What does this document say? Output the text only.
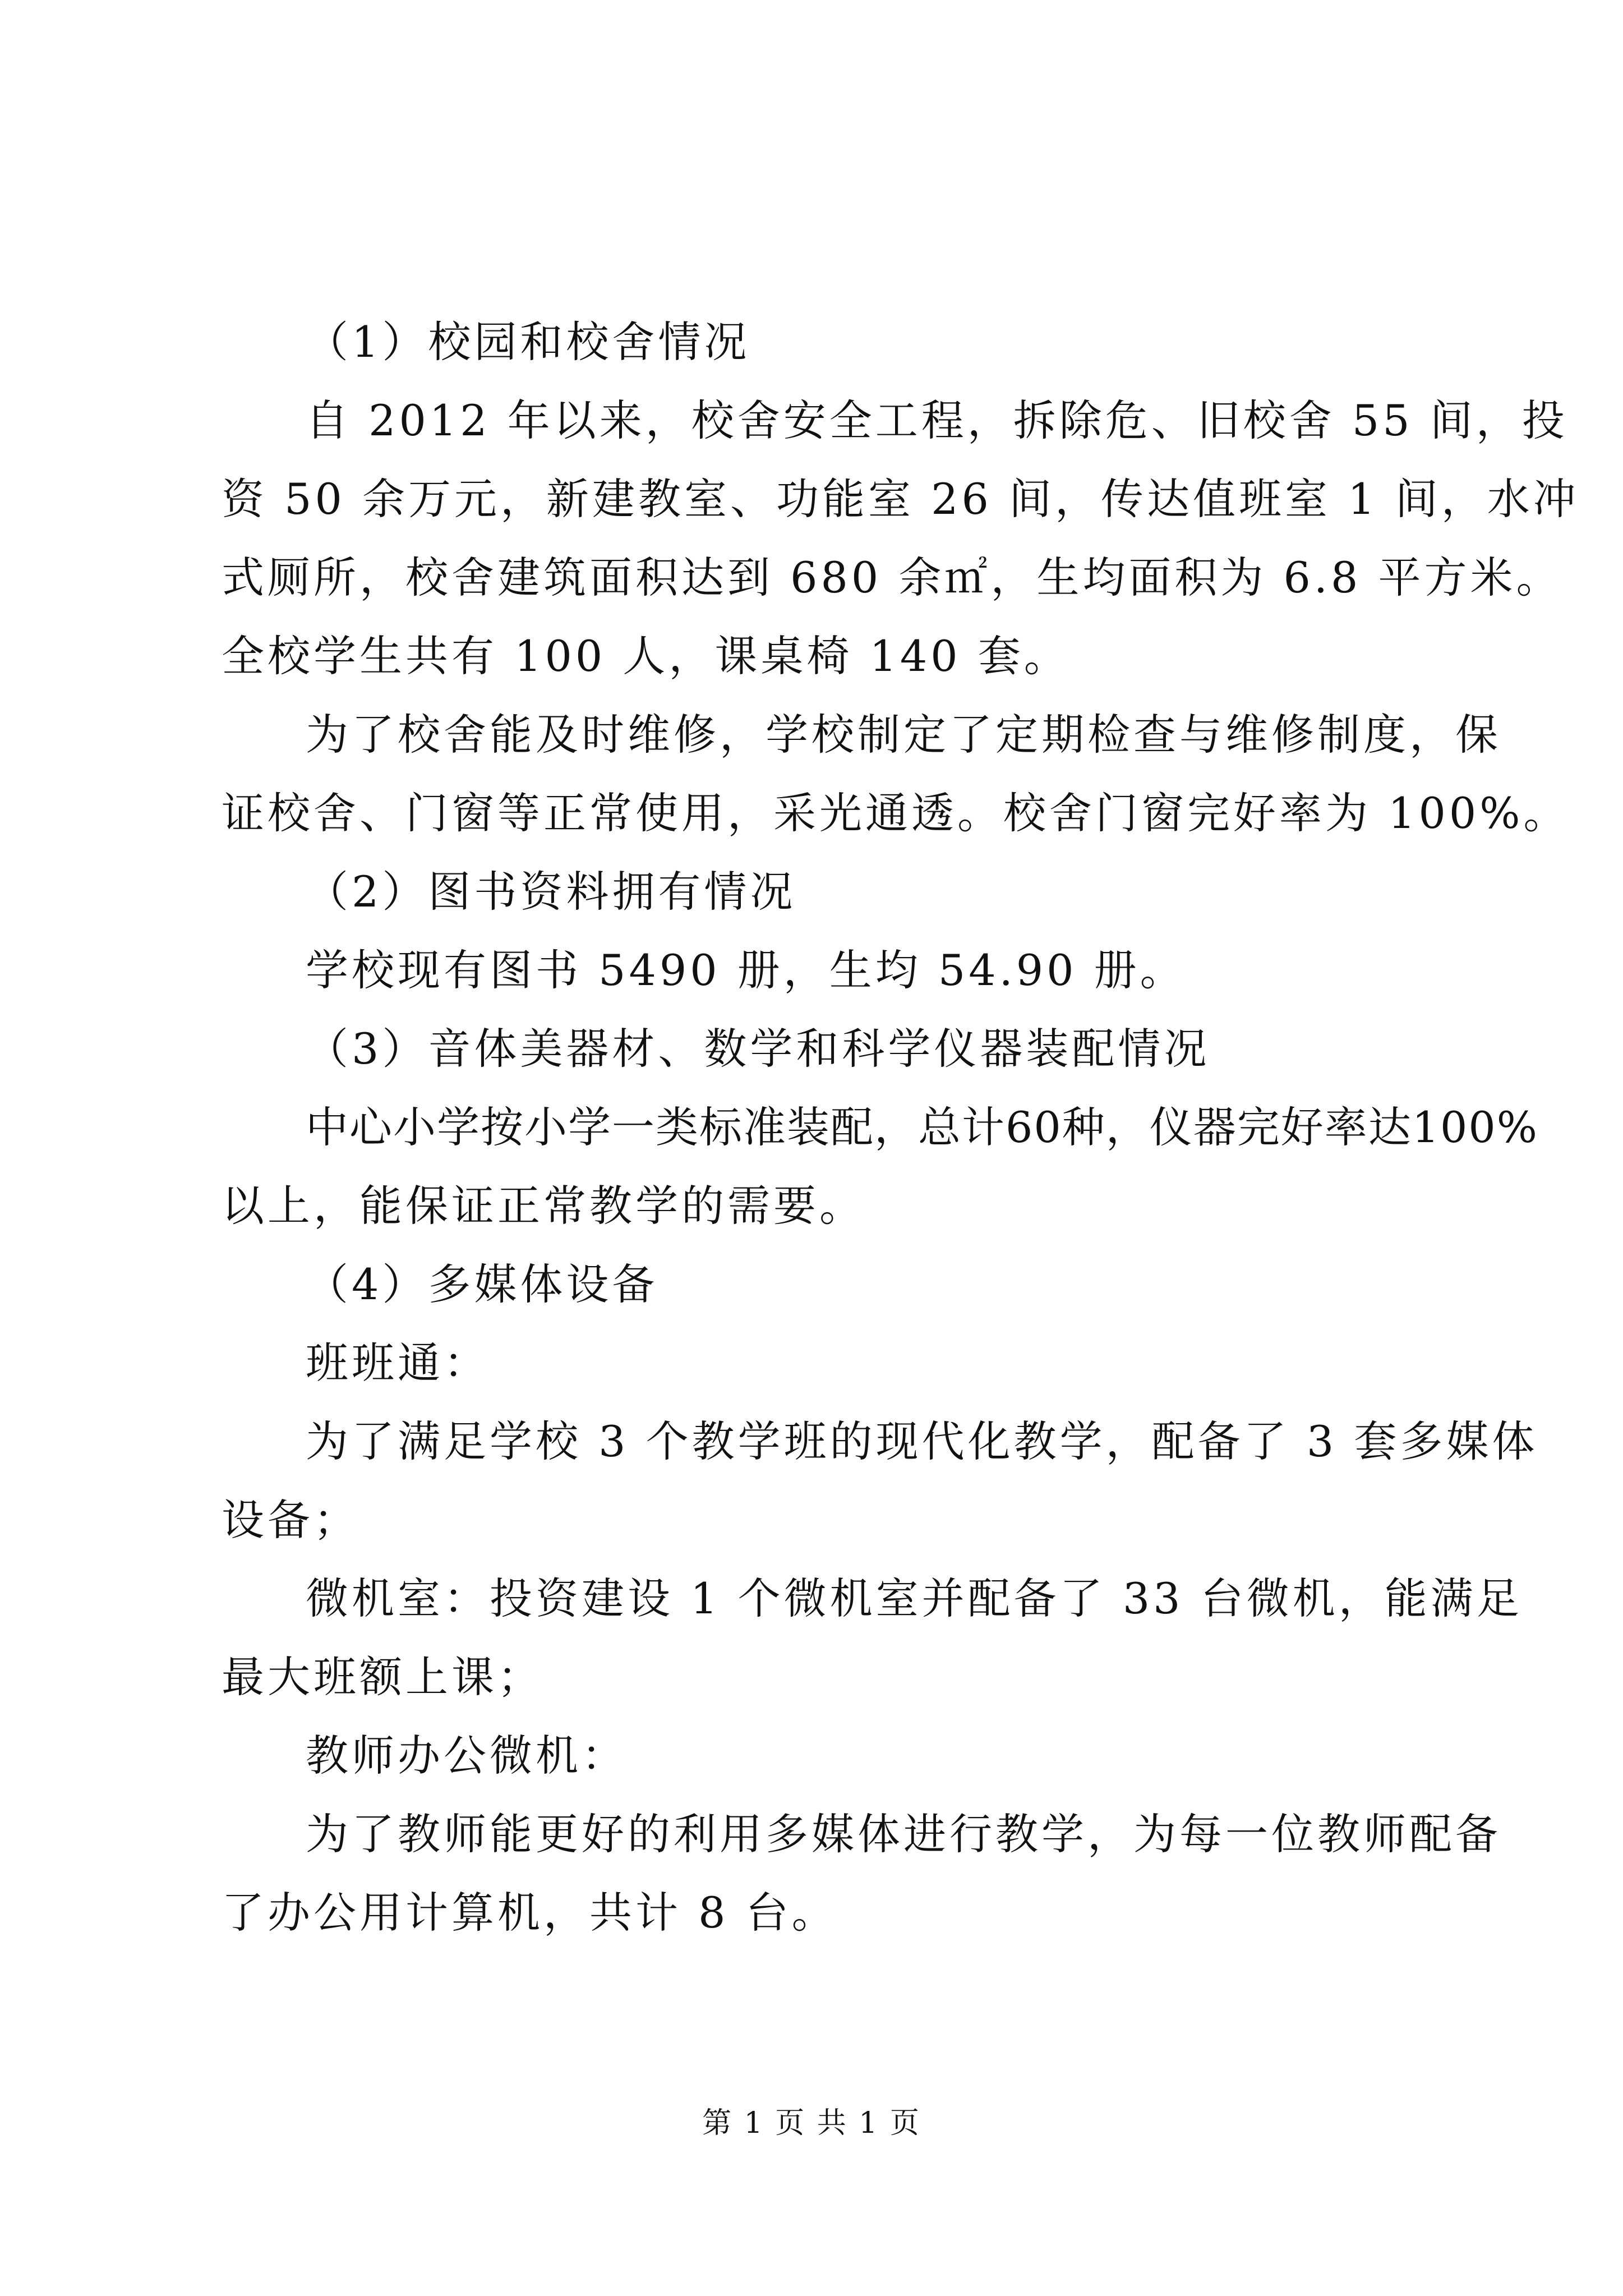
（1）校园和校舍情况
自 2012 年以来，校舍安全工程，拆除危、旧校舍 55 间，投
资 50 余万元，新建教室、功能室 26 间，传达值班室 1 间，水冲
式厕所，校舍建筑面积达到 680 余㎡，生均面积为 6.8 平方米。
全校学生共有 100 人，课桌椅 140 套。
为了校舍能及时维修，学校制定了定期检查与维修制度，保
证校舍、门窗等正常使用，采光通透。校舍门窗完好率为 100%。
（2）图书资料拥有情况
学校现有图书 5490 册，生均 54.90 册。
（3）音体美器材、数学和科学仪器装配情况
中心小学按小学一类标准装配，总计60种，仪器完好率达100%
以上，能保证正常教学的需要。
（4）多媒体设备
班班通：
为了满足学校 3 个教学班的现代化教学，配备了 3 套多媒体
设备；
微机室：投资建设 1 个微机室并配备了 33 台微机，能满足
最大班额上课；
教师办公微机：
为了教师能更好的利用多媒体进行教学，为每一位教师配备
了办公用计算机，共计 8 台。
第 1 页 共 1 页
